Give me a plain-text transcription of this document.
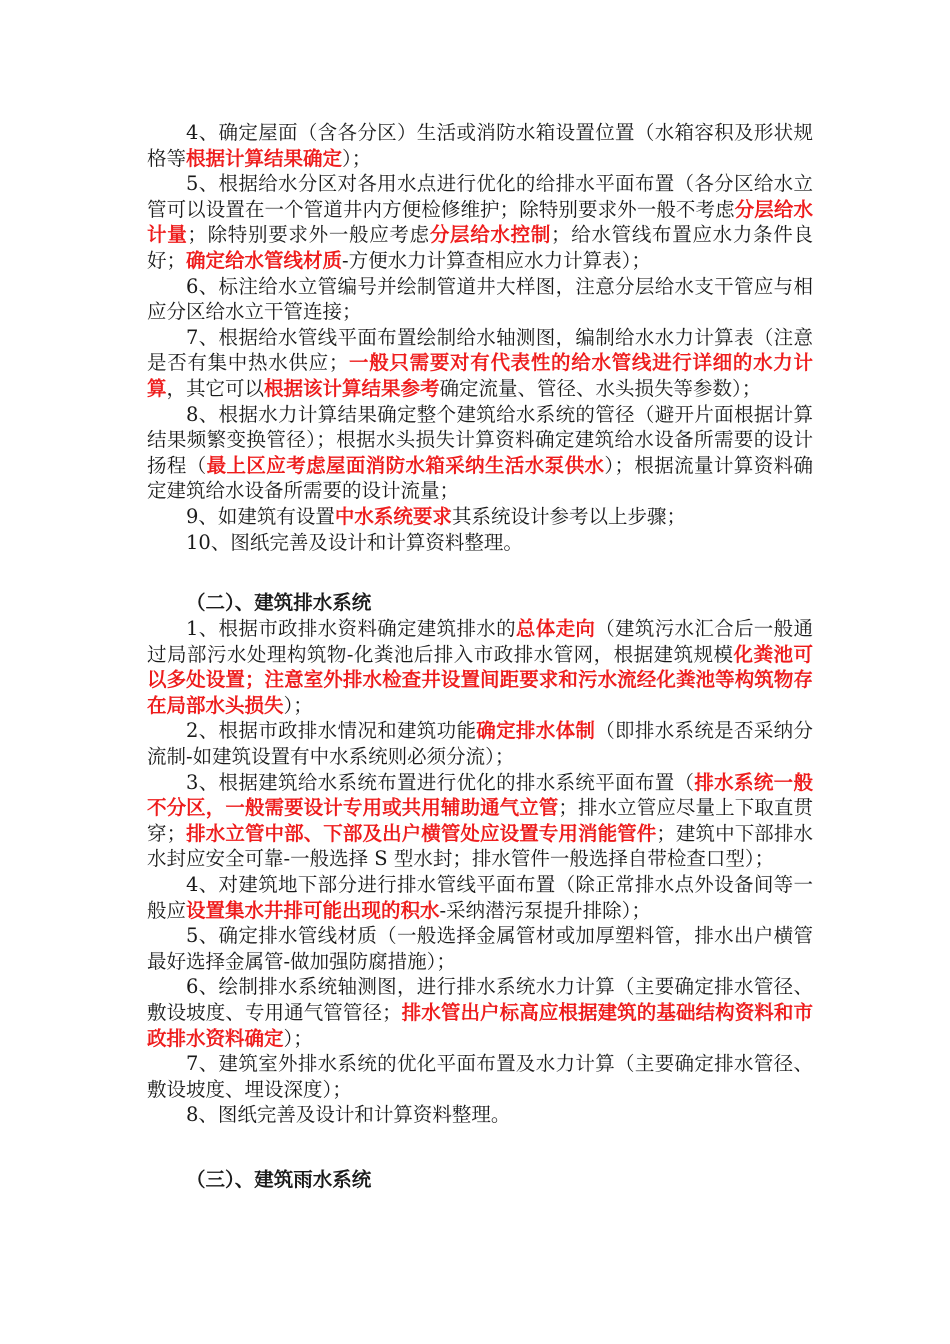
4、确定屋面（含各分区）生活或消防水箱设置位置（水箱容积及形状规格等根据计算结果确定）；

5、根据给水分区对各用水点进行优化的给排水平面布置（各分区给水立管可以设置在一个管道井内方便检修维护；除特别要求外一般不考虑分层给水计量；除特别要求外一般应考虑分层给水控制；给水管线布置应水力条件良好；确定给水管线材质-方便水力计算查相应水力计算表）；

6、标注给水立管编号并绘制管道井大样图，注意分层给水支干管应与相应分区给水立干管连接；

7、根据给水管线平面布置绘制给水轴测图，编制给水水力计算表（注意是否有集中热水供应；一般只需要对有代表性的给水管线进行详细的水力计算，其它可以根据该计算结果参考确定流量、管径、水头损失等参数）；

8、根据水力计算结果确定整个建筑给水系统的管径（避开片面根据计算结果频繁变换管径）；根据水头损失计算资料确定建筑给水设备所需要的设计扬程（最上区应考虑屋面消防水箱采纳生活水泵供水）；根据流量计算资料确定建筑给水设备所需要的设计流量；

9、如建筑有设置中水系统要求其系统设计参考以上步骤；

10、图纸完善及设计和计算资料整理。

（二）、建筑排水系统

1、根据市政排水资料确定建筑排水的总体走向（建筑污水汇合后一般通过局部污水处理构筑物-化粪池后排入市政排水管网，根据建筑规模化粪池可以多处设置；注意室外排水检查井设置间距要求和污水流经化粪池等构筑物存在局部水头损失）；

2、根据市政排水情况和建筑功能确定排水体制（即排水系统是否采纳分流制-如建筑设置有中水系统则必须分流）；

3、根据建筑给水系统布置进行优化的排水系统平面布置（排水系统一般不分区，一般需要设计专用或共用辅助通气立管；排水立管应尽量上下取直贯穿；排水立管中部、下部及出户横管处应设置专用消能管件；建筑中下部排水水封应安全可靠-一般选择 S 型水封；排水管件一般选择自带检查口型）；

4、对建筑地下部分进行排水管线平面布置（除正常排水点外设备间等一般应设置集水井排可能出现的积水-采纳潜污泵提升排除）；

5、确定排水管线材质（一般选择金属管材或加厚塑料管，排水出户横管最好选择金属管-做加强防腐措施）；

6、绘制排水系统轴测图，进行排水系统水力计算（主要确定排水管径、敷设坡度、专用通气管管径；排水管出户标高应根据建筑的基础结构资料和市政排水资料确定）；

7、建筑室外排水系统的优化平面布置及水力计算（主要确定排水管径、敷设坡度、埋设深度）；

8、图纸完善及设计和计算资料整理。

（三）、建筑雨水系统
